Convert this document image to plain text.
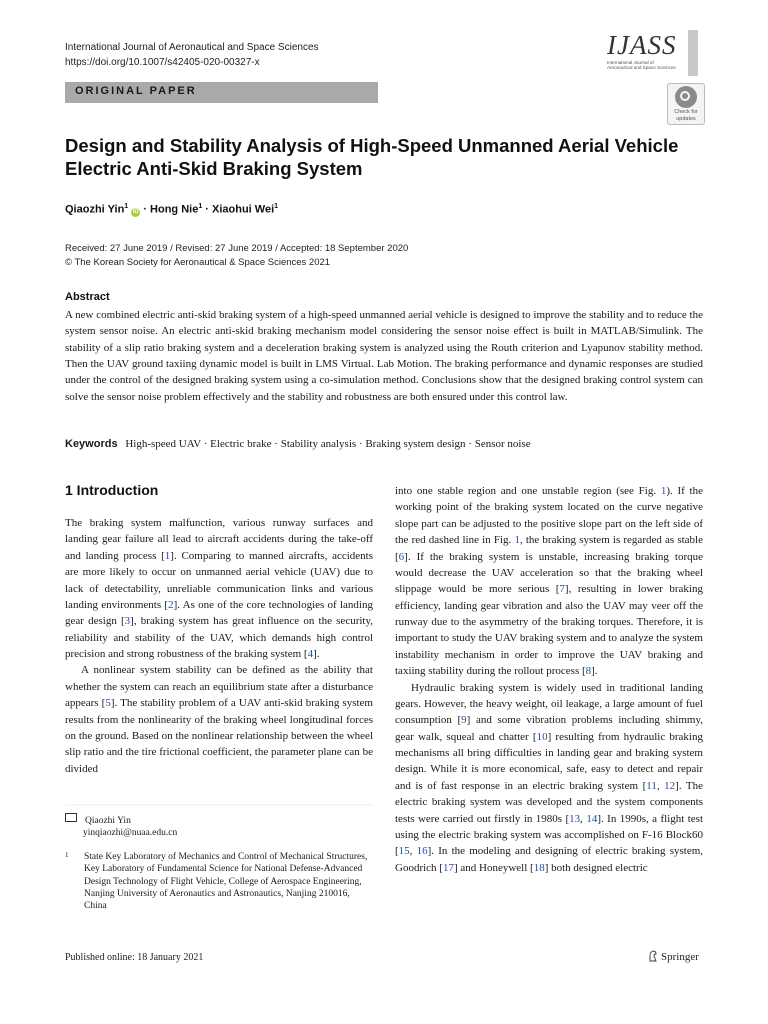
International Journal of Aeronautical and Space Sciences
https://doi.org/10.1007/s42405-020-00327-x
IJASS
International Journal of
Aeronautical and Space Sciences
ORIGINAL PAPER
Check for
updates
Design and Stability Analysis of High-Speed Unmanned Aerial Vehicle
Electric Anti-Skid Braking System
Qiaozhi Yin$^1$ iD · Hong Nie$^1$ · Xiaohui Wei$^1$
Received: 27 June 2019 / Revised: 27 June 2019 / Accepted: 18 September 2020
© The Korean Society for Aeronautical & Space Sciences 2021
Abstract
A new combined electric anti-skid braking system of a high-speed unmanned aerial vehicle is designed to improve the stability and to reduce the system sensor noise. An electric anti-skid braking mechanism model considering the sensor noise effect is built in MATLAB/Simulink. The stability of a slip ratio braking system and a deceleration braking system is analyzed using the Routh criterion and Lyapunov stability method. Then the UAV ground taxiing dynamic model is built in LMS Virtual. Lab Motion. The braking performance and dynamic responses are studied under the control of the designed braking system using a co-simulation method. Conclusions show that the designed braking control system can solve the sensor noise problem effectively and the stability and robustness are both ensured under this control law.
Keywords High-speed UAV · Electric brake · Stability analysis · Braking system design · Sensor noise
1 Introduction

The braking system malfunction, various runway surfaces and landing gear failure all lead to aircraft accidents during the take-off and landing process [1]. Comparing to manned aircrafts, accidents are more likely to occur on unmanned aerial vehicle (UAV) due to lack of detectability, unreliable communication links and various landing environments [2]. As one of the core technologies of landing gear design [3], braking system has great influence on the security, reliability and stability of the UAV, which demands high control precision and strong robustness of the braking system [4].

A nonlinear system stability can be defined as the ability that whether the system can reach an equilibrium state after a disturbance appears [5]. The stability problem of a UAV anti-skid braking system results from the nonlinearity of the braking wheel longitudinal forces on the ground. Based on the nonlinear relationship between the wheel slip ratio and the tire frictional coefficient, the parameter plane can be divided

Qiaozhi Yin
yinqiaozhi@nuaa.edu.cn
1 State Key Laboratory of Mechanics and Control of Mechanical Structures, Key Laboratory of Fundamental Science for National Defense-Advanced Design Technology of Flight Vehicle, College of Aerospace Engineering, Nanjing University of Aeronautics and Astronautics, Nanjing 210016, China

into one stable region and one unstable region (see Fig. 1). If the working point of the braking system located on the curve negative slope part can be adjusted to the positive slope part on the left side of the red dashed line in Fig. 1, the braking system is regarded as stable [6]. If the braking system is unstable, increasing braking torque would decrease the UAV acceleration so that the braking wheel slippage would be more serious [7], resulting in lower braking efficiency, landing gear vibration and also the UAV may veer off the runway due to the asymmetry of the braking torques. Therefore, it is important to study the UAV braking system and to analyze the system instability mechanism in order to improve the UAV braking and taxiing stability during the rollout process [8].

Hydraulic braking system is widely used in traditional landing gears. However, the heavy weight, oil leakage, a large amount of fuel consumption [9] and some vibration problems including shimmy, gear walk, squeal and chatter [10] resulting from hydraulic braking mechanisms all bring difficulties in landing gear and braking system design. While it is more economical, safe, easy to detect and repair and is of fast response in an electric braking system [11, 12]. The electric braking system was developed and the system components tests were carried out firstly in 1980s [13, 14]. In 1990s, a flight test using the electric braking system was accomplished on F-16 Block60 [15, 16]. In the modeling and designing of electric braking system, Goodrich [17] and Honeywell [18] both designed electric

Published online: 18 January 2021	Springer
